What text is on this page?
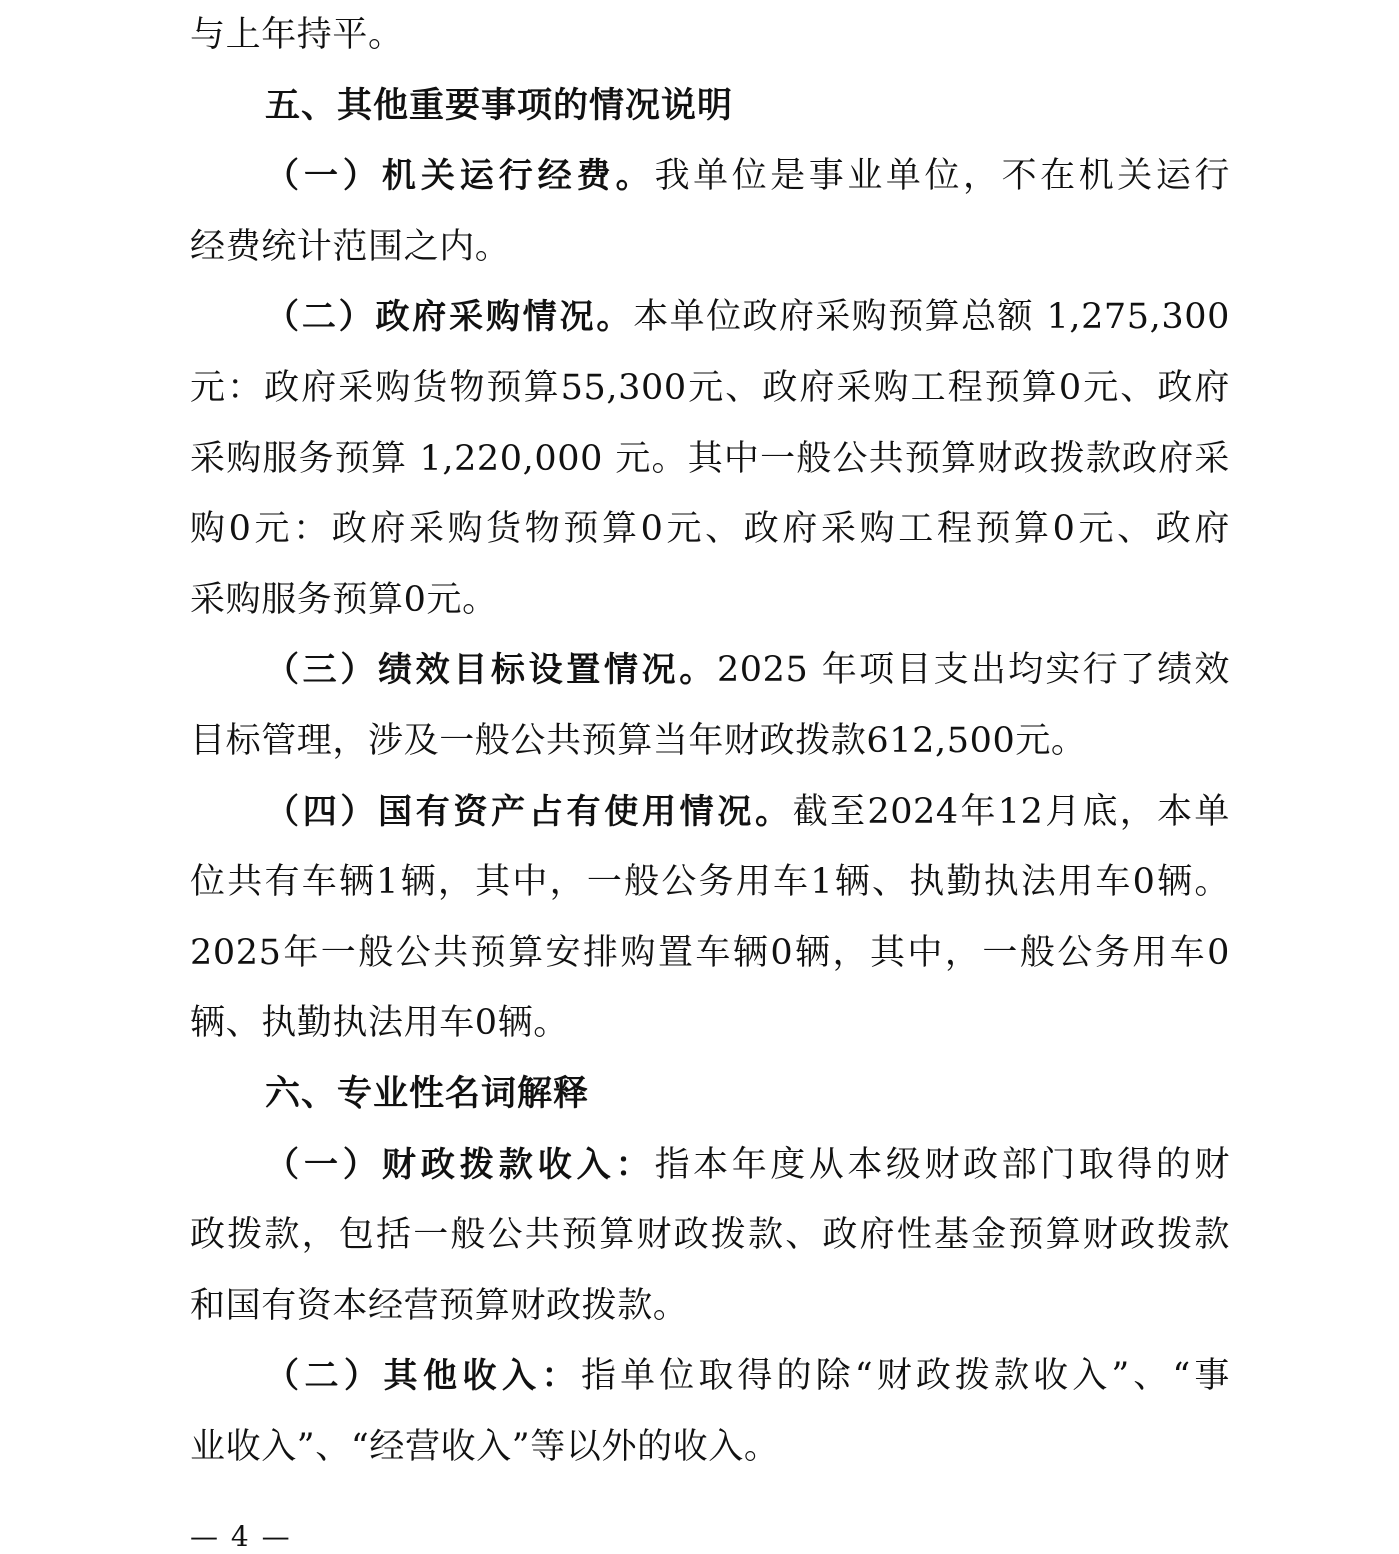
与上年持平。
五、其他重要事项的情况说明
（一）机关运行经费。我单位是事业单位，不在机关运行
经费统计范围之内。
（二）政府采购情况。本单位政府采购预算总额 1,275,300
元：政府采购货物预算55,300元、政府采购工程预算0元、政府
采购服务预算 1,220,000 元。其中一般公共预算财政拨款政府采
购0元：政府采购货物预算0元、政府采购工程预算0元、政府
采购服务预算0元。
（三）绩效目标设置情况。2025 年项目支出均实行了绩效
目标管理，涉及一般公共预算当年财政拨款612,500元。
（四）国有资产占有使用情况。截至2024年12月底，本单
位共有车辆1辆，其中，一般公务用车1辆、执勤执法用车0辆。
2025年一般公共预算安排购置车辆0辆，其中，一般公务用车0
辆、执勤执法用车0辆。
六、专业性名词解释
（一）财政拨款收入：指本年度从本级财政部门取得的财
政拨款，包括一般公共预算财政拨款、政府性基金预算财政拨款
和国有资本经营预算财政拨款。
（二）其他收入：指单位取得的除“财政拨款收入”、“事
业收入”、“经营收入”等以外的收入。
— 4 —
